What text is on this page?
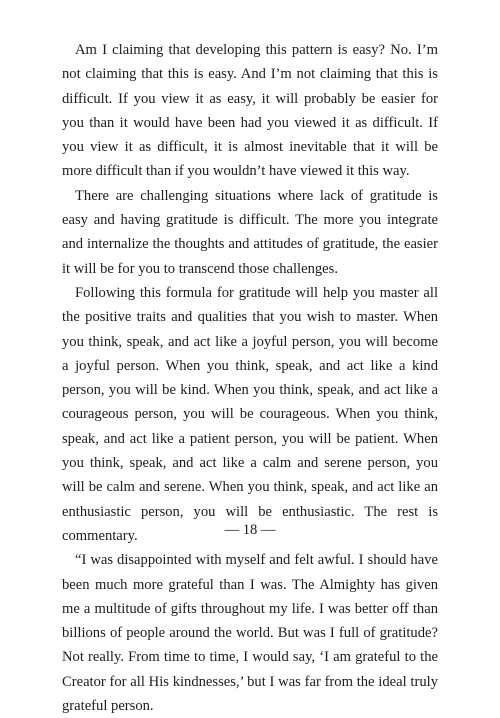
Am I claiming that developing this pattern is easy? No. I’m not claiming that this is easy. And I’m not claiming that this is difficult. If you view it as easy, it will probably be easier for you than it would have been had you viewed it as difficult. If you view it as difficult, it is almost inevitable that it will be more difficult than if you wouldn’t have viewed it this way.

There are challenging situations where lack of gratitude is easy and having gratitude is difficult. The more you integrate and internalize the thoughts and attitudes of gratitude, the easier it will be for you to transcend those challenges.

Following this formula for gratitude will help you master all the positive traits and qualities that you wish to master. When you think, speak, and act like a joyful person, you will become a joyful person. When you think, speak, and act like a kind person, you will be kind. When you think, speak, and act like a courageous person, you will be courageous. When you think, speak, and act like a patient person, you will be patient. When you think, speak, and act like a calm and serene person, you will be calm and serene. When you think, speak, and act like an enthusiastic person, you will be enthusiastic. The rest is commentary.

“I was disappointed with myself and felt awful. I should have been much more grateful than I was. The Almighty has given me a multitude of gifts throughout my life. I was better off than billions of people around the world. But was I full of gratitude? Not really. From time to time, I would say, ‘I am grateful to the Creator for all His kindnesses,’ but I was far from the ideal truly grateful person.

— 18 —
